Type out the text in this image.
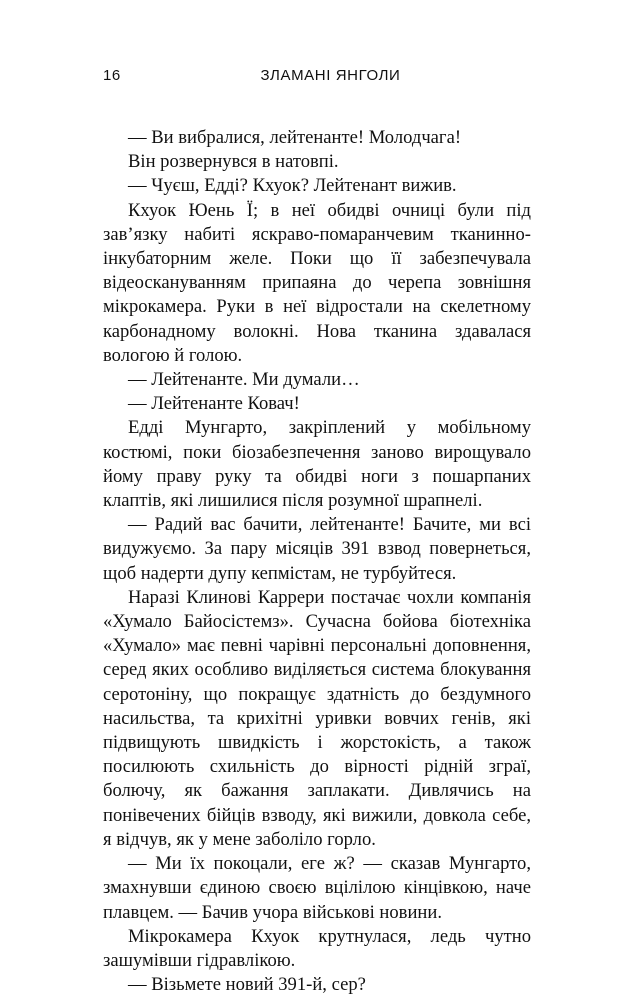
16	ЗЛАМАНІ ЯНГОЛИ

— Ви вибралися, лейтенанте! Молодчага!

Він розвернувся в натовпі.

— Чуєш, Едді? Кхуок? Лейтенант вижив.

Кхуок Юень Ї; в неї обидві очниці були під зав’язку набиті яскраво-помаранчевим тканинно-інкубаторним желе. Поки що її забезпечувала відеоскануванням припаяна до черепа зовнішня мікрокамера. Руки в неї відростали на скелетному карбонадному волокні. Нова тканина здавалася вологою й голою.

— Лейтенанте. Ми думали…

— Лейтенанте Ковач!

Едді Мунгарто, закріплений у мобільному костюмі, поки біозабезпечення заново вирощувало йому праву руку та обидві ноги з пошарпаних клаптів, які лишилися після розумної шрапнелі.

— Радий вас бачити, лейтенанте! Бачите, ми всі видужуємо. За пару місяців 391 взвод повернеться, щоб надерти дупу кепмістам, не турбуйтеся.

Наразі Клинові Каррери постачає чохли компанія «Хумало Байосістемз». Сучасна бойова біотехніка «Хумало» має певні чарівні персональні доповнення, серед яких особливо виділяється система блокування серотоніну, що покращує здатність до бездумного насильства, та крихітні уривки вовчих генів, які підвищують швидкість і жорстокість, а також посилюють схильність до вірності рідній зграї, болючу, як бажання заплакати. Дивлячись на понівечених бійців взводу, які вижили, довкола себе, я відчув, як у мене заболіло горло.

— Ми їх покоцали, еге ж? — сказав Мунгарто, змахнувши єдиною своєю вцілілою кінцівкою, наче плавцем. — Бачив учора військові новини.

Мікрокамера Кхуок крутнулася, ледь чутно зашумівши гідравлікою.

— Візьмете новий 391-й, сер?
